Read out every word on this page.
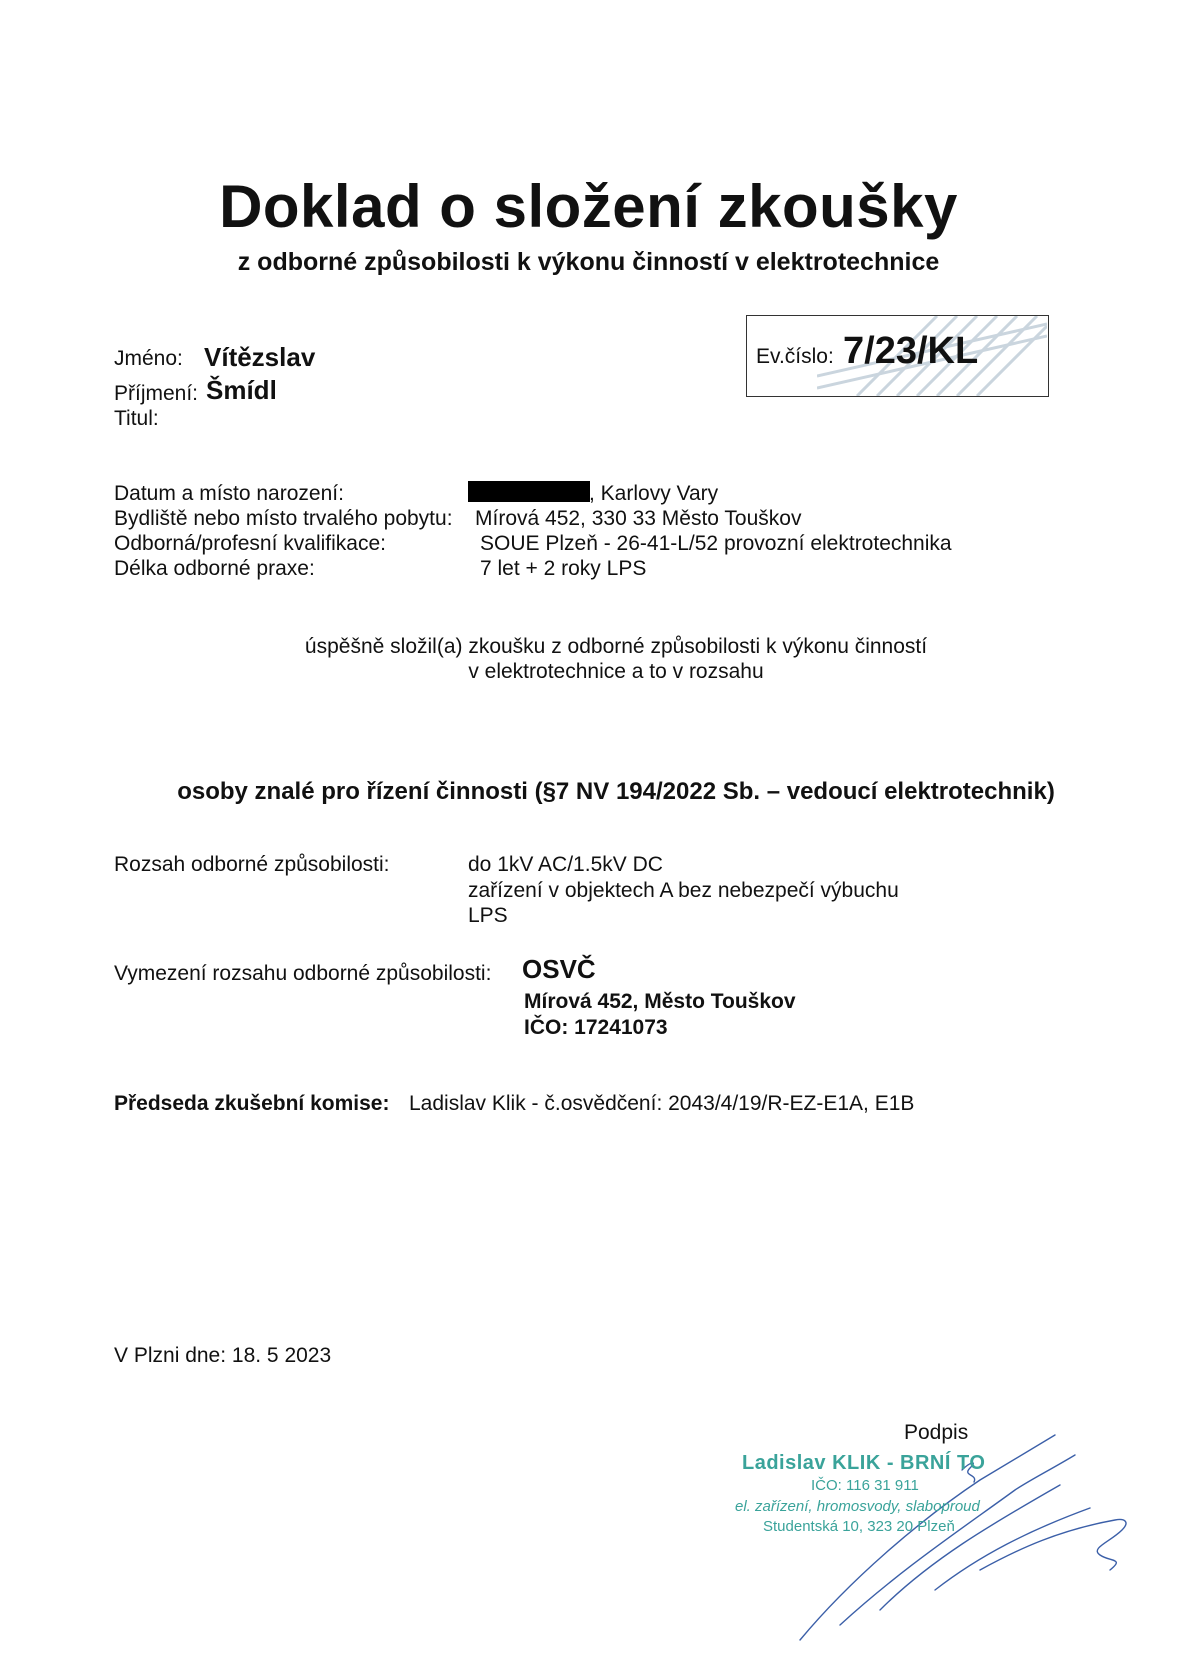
Doklad o složení zkoušky
z odborné způsobilosti k výkonu činností v elektrotechnice
Jméno: Vítězslav
Příjmení: Šmídl
Titul:
Ev.číslo: 7/23/KL
Datum a místo narození:	, Karlovy Vary
Bydliště nebo místo trvalého pobytu: Mírová 452, 330 33 Město Touškov
Odborná/profesní kvalifikace:	SOUE Plzeň - 26-41-L/52 provozní elektrotechnika
Délka odborné praxe:	7 let + 2 roky LPS
úspěšně složil(a) zkoušku z odborné způsobilosti k výkonu činností
v elektrotechnice a to v rozsahu
osoby znalé pro řízení činnosti (§7 NV 194/2022 Sb. – vedoucí elektrotechnik)
Rozsah odborné způsobilosti:	do 1kV AC/1.5kV DC
zařízení v objektech A bez nebezpečí výbuchu
LPS
Vymezení rozsahu odborné způsobilosti: OSVČ
Mírová 452, Město Touškov
IČO: 17241073
Předseda zkušební komise: Ladislav Klik - č.osvědčení: 2043/4/19/R-EZ-E1A, E1B
V Plzni dne: 18. 5 2023
Podpis
Ladislav KLIK - BRNÍ TO
IČO: 116 31 911
el. zařízení, hromosvody, slaboproud
Studentská 10, 323 20 Plzeň
